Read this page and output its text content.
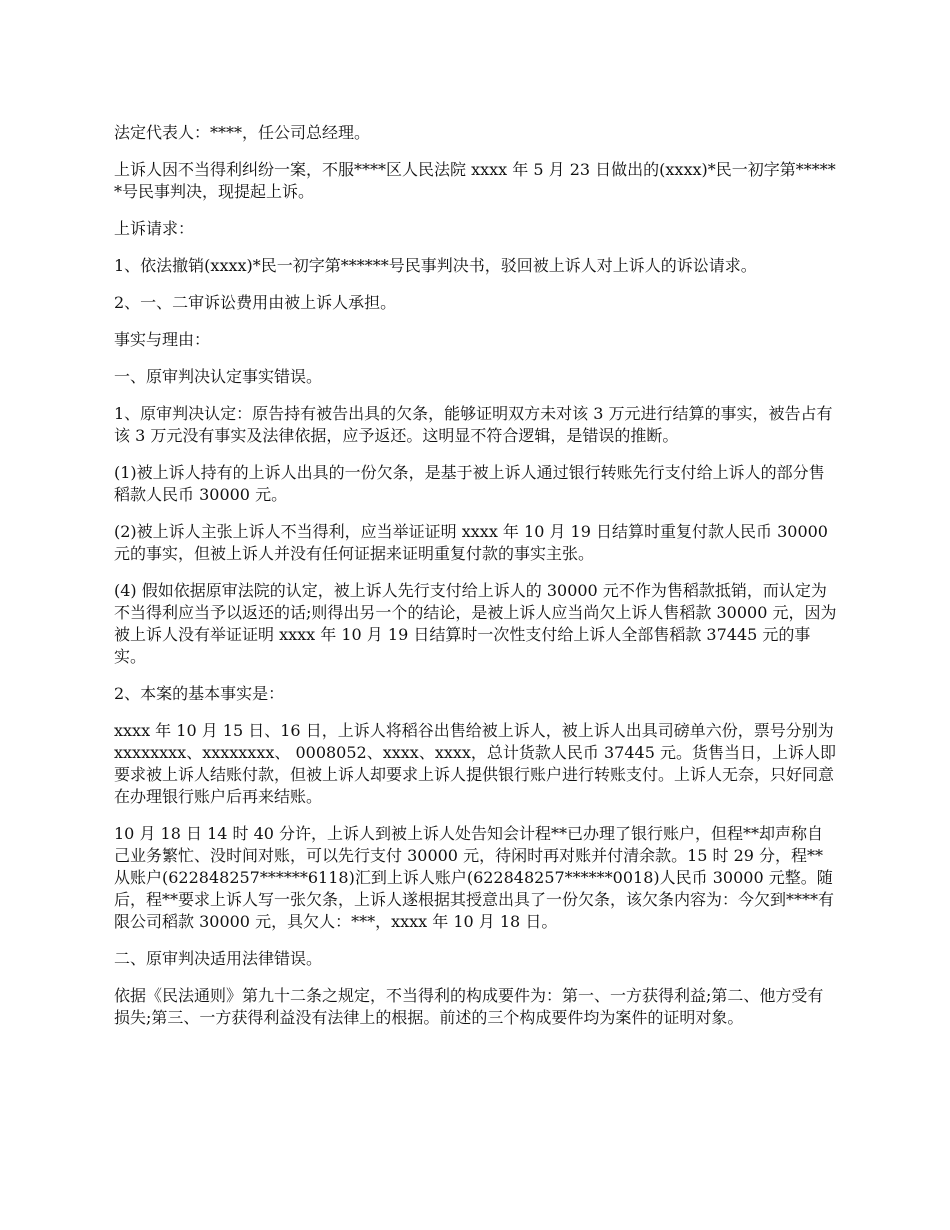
法定代表人：****，任公司总经理。

上诉人因不当得利纠纷一案，不服****区人民法院 xxxx 年 5 月 23 日做出的(xxxx)*民一初字第******号民事判决，现提起上诉。

上诉请求：

1、依法撤销(xxxx)*民一初字第******号民事判决书，驳回被上诉人对上诉人的诉讼请求。

2、一、二审诉讼费用由被上诉人承担。

事实与理由：

一、原审判决认定事实错误。

1、原审判决认定：原告持有被告出具的欠条，能够证明双方未对该 3 万元进行结算的事实，被告占有该 3 万元没有事实及法律依据，应予返还。这明显不符合逻辑，是错误的推断。

(1)被上诉人持有的上诉人出具的一份欠条，是基于被上诉人通过银行转账先行支付给上诉人的部分售稻款人民币 30000 元。

(2)被上诉人主张上诉人不当得利，应当举证证明 xxxx 年 10 月 19 日结算时重复付款人民币 30000 元的事实，但被上诉人并没有任何证据来证明重复付款的事实主张。

(4) 假如依据原审法院的认定，被上诉人先行支付给上诉人的 30000 元不作为售稻款抵销，而认定为不当得利应当予以返还的话;则得出另一个的结论，是被上诉人应当尚欠上诉人售稻款 30000 元，因为被上诉人没有举证证明 xxxx 年 10 月 19 日结算时一次性支付给上诉人全部售稻款 37445 元的事实。

2、本案的基本事实是：

xxxx 年 10 月 15 日、16 日，上诉人将稻谷出售给被上诉人，被上诉人出具司磅单六份，票号分别为 xxxxxxxx、xxxxxxxx、 0008052、xxxx、xxxx，总计货款人民币 37445 元。货售当日，上诉人即要求被上诉人结账付款，但被上诉人却要求上诉人提供银行账户进行转账支付。上诉人无奈，只好同意在办理银行账户后再来结账。

10 月 18 日 14 时 40 分许，上诉人到被上诉人处告知会计程**已办理了银行账户，但程**却声称自己业务繁忙、没时间对账，可以先行支付 30000 元，待闲时再对账并付清余款。15 时 29 分，程**从账户(622848257******6118)汇到上诉人账户(622848257******0018)人民币 30000 元整。随后，程**要求上诉人写一张欠条，上诉人遂根据其授意出具了一份欠条，该欠条内容为：今欠到****有限公司稻款 30000 元，具欠人：***，xxxx 年 10 月 18 日。

二、原审判决适用法律错误。

依据《民法通则》第九十二条之规定，不当得利的构成要件为：第一、一方获得利益;第二、他方受有损失;第三、一方获得利益没有法律上的根据。前述的三个构成要件均为案件的证明对象。
